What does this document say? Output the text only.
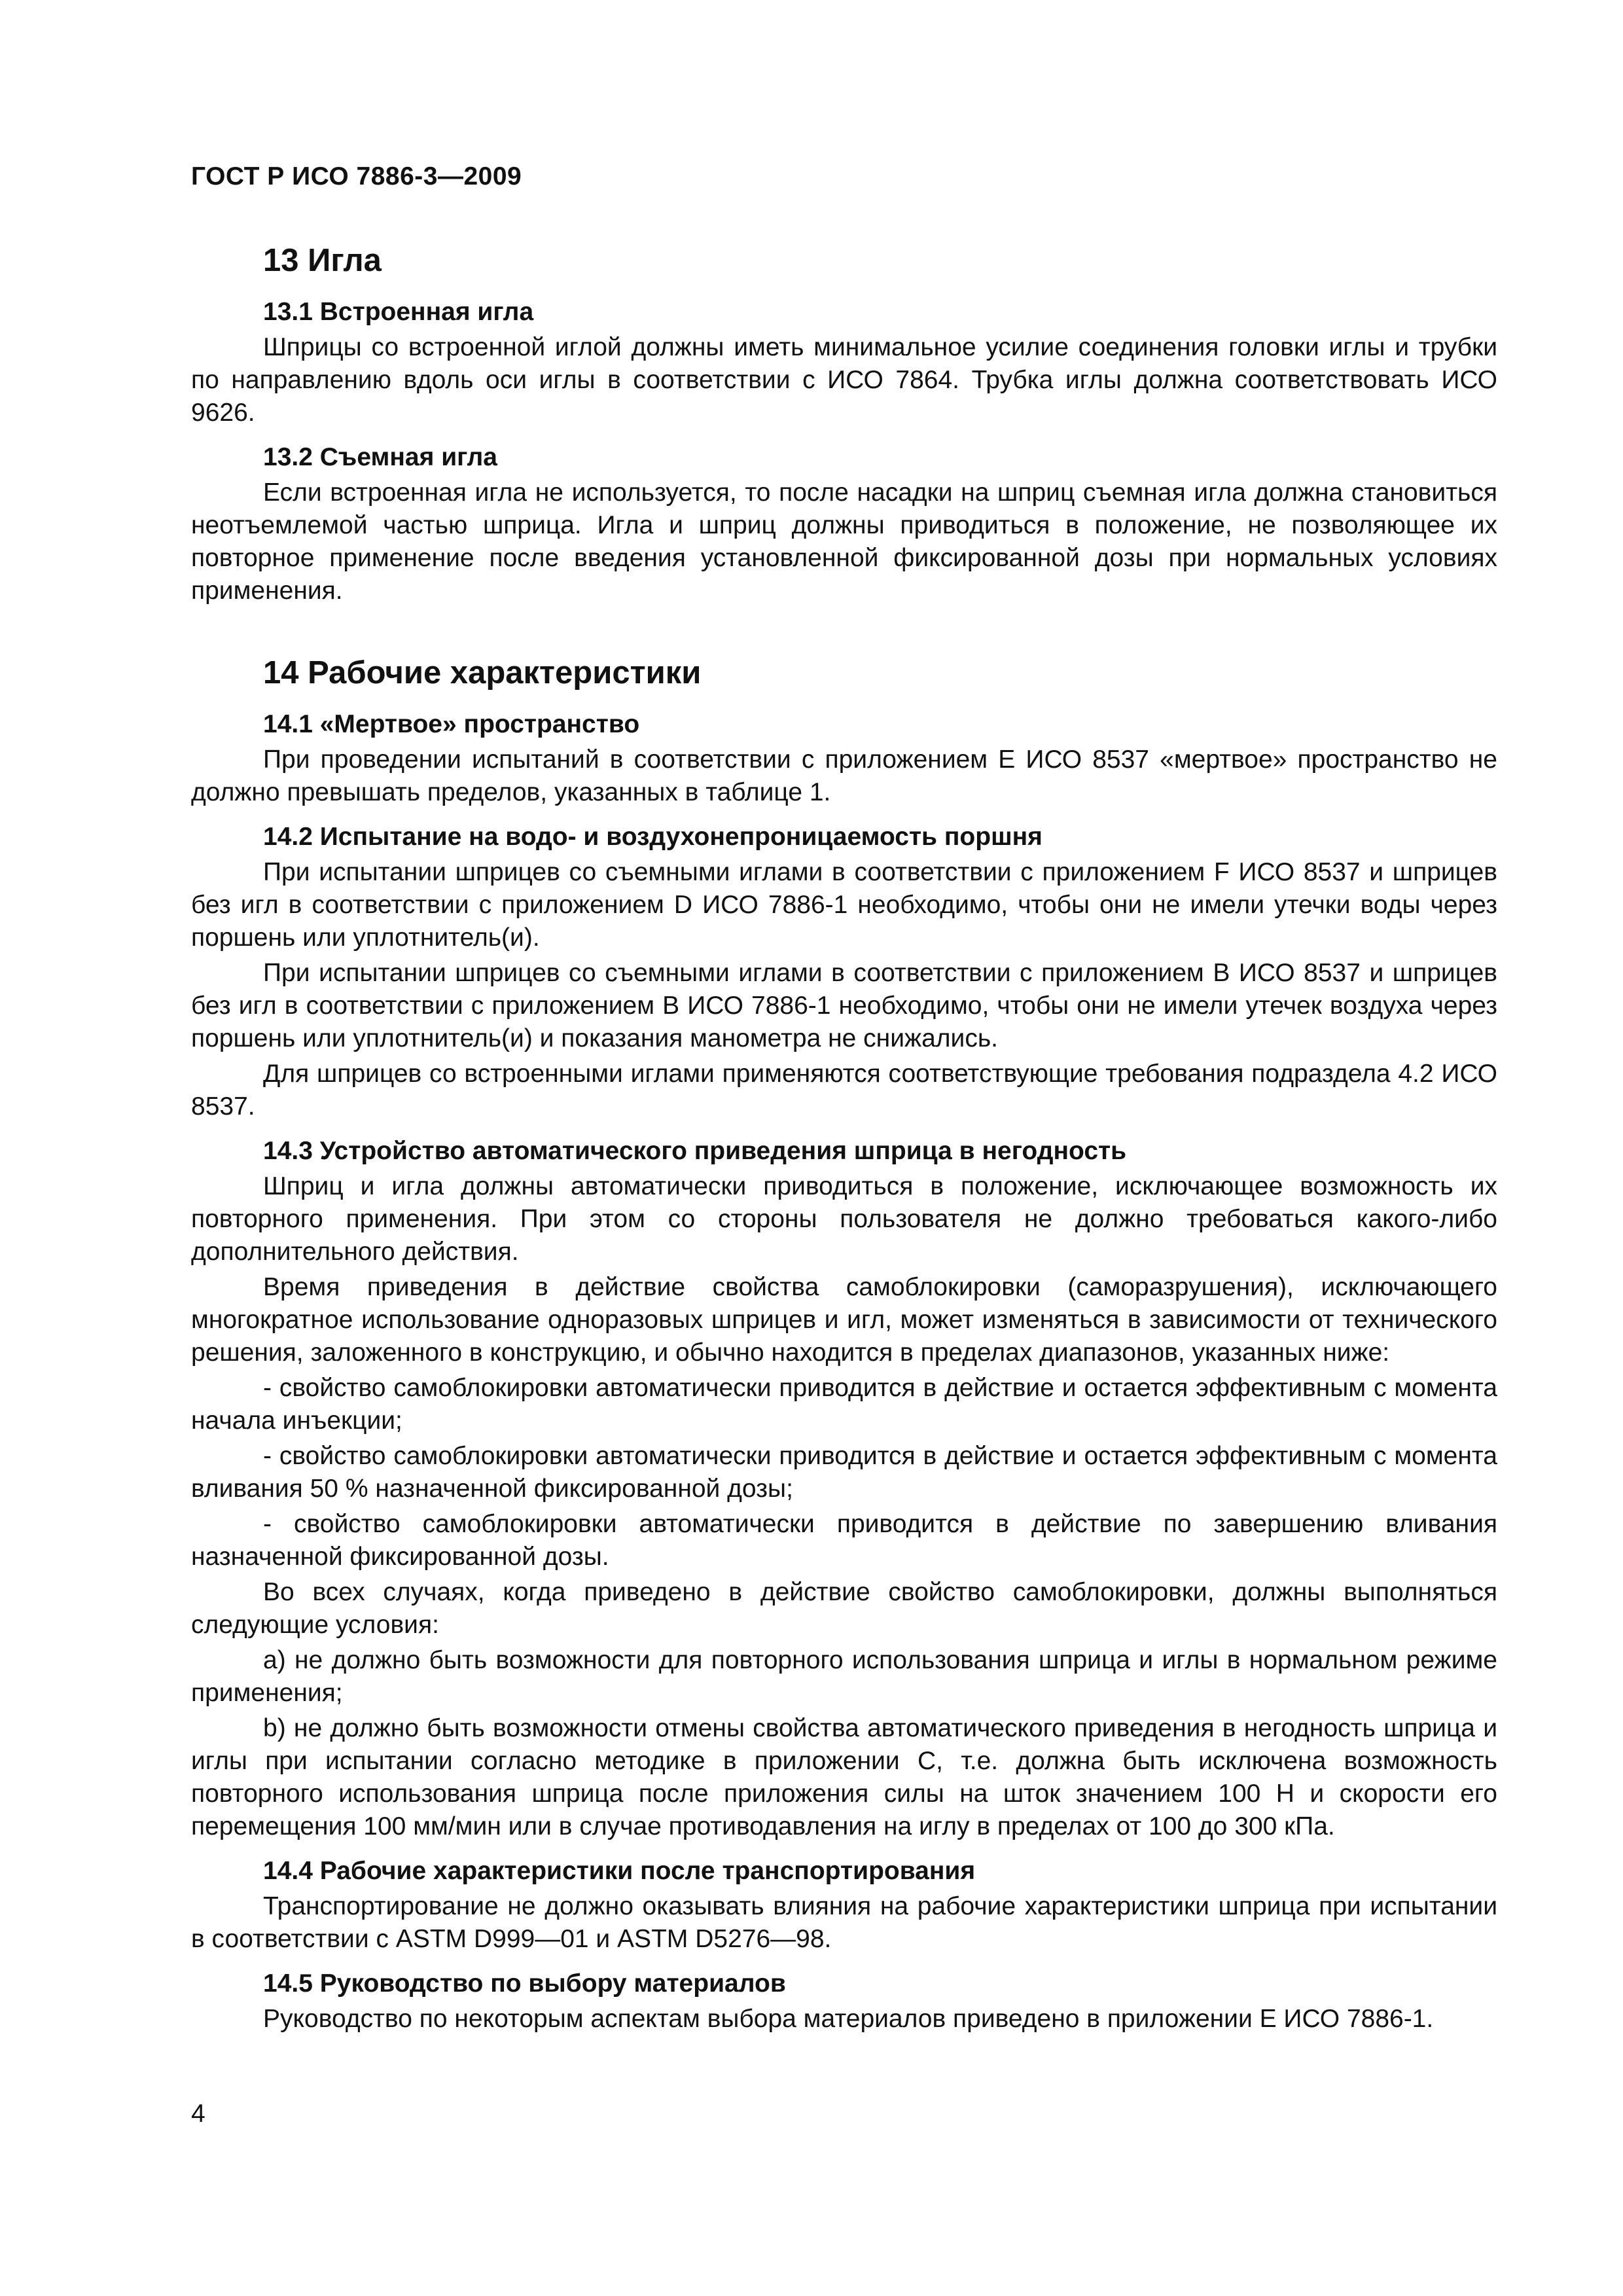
ГОСТ Р ИСО 7886-3—2009
13 Игла
13.1 Встроенная игла
Шприцы со встроенной иглой должны иметь минимальное усилие соединения головки иглы и трубки по направлению вдоль оси иглы в соответствии с ИСО 7864. Трубка иглы должна соответствовать ИСО 9626.
13.2 Съемная игла
Если встроенная игла не используется, то после насадки на шприц съемная игла должна становиться неотъемлемой частью шприца. Игла и шприц должны приводиться в положение, не позволяющее их повторное применение после введения установленной фиксированной дозы при нормальных условиях применения.
14 Рабочие характеристики
14.1 «Мертвое» пространство
При проведении испытаний в соответствии с приложением Е ИСО 8537 «мертвое» пространство не должно превышать пределов, указанных в таблице 1.
14.2 Испытание на водо- и воздухонепроницаемость поршня
При испытании шприцев со съемными иглами в соответствии с приложением F ИСО 8537 и шприцев без игл в соответствии с приложением D ИСО 7886-1 необходимо, чтобы они не имели утечки воды через поршень или уплотнитель(и).
При испытании шприцев со съемными иглами в соответствии с приложением В ИСО 8537 и шприцев без игл в соответствии с приложением В ИСО 7886-1 необходимо, чтобы они не имели утечек воздуха через поршень или уплотнитель(и) и показания манометра не снижались.
Для шприцев со встроенными иглами применяются соответствующие требования подраздела 4.2 ИСО 8537.
14.3 Устройство автоматического приведения шприца в негодность
Шприц и игла должны автоматически приводиться в положение, исключающее возможность их повторного применения. При этом со стороны пользователя не должно требоваться какого-либо дополнительного действия.
Время приведения в действие свойства самоблокировки (саморазрушения), исключающего многократное использование одноразовых шприцев и игл, может изменяться в зависимости от технического решения, заложенного в конструкцию, и обычно находится в пределах диапазонов, указанных ниже:
- свойство самоблокировки автоматически приводится в действие и остается эффективным с момента начала инъекции;
- свойство самоблокировки автоматически приводится в действие и остается эффективным с момента вливания 50 % назначенной фиксированной дозы;
- свойство самоблокировки автоматически приводится в действие по завершению вливания назначенной фиксированной дозы.
Во всех случаях, когда приведено в действие свойство самоблокировки, должны выполняться следующие условия:
а) не должно быть возможности для повторного использования шприца и иглы в нормальном режиме применения;
b) не должно быть возможности отмены свойства автоматического приведения в негодность шприца и иглы при испытании согласно методике в приложении С, т.е. должна быть исключена возможность повторного использования шприца после приложения силы на шток значением 100 Н и скорости его перемещения 100 мм/мин или в случае противодавления на иглу в пределах от 100 до 300 кПа.
14.4 Рабочие характеристики после транспортирования
Транспортирование не должно оказывать влияния на рабочие характеристики шприца при испытании в соответствии с ASTM D999—01 и ASTM D5276—98.
14.5 Руководство по выбору материалов
Руководство по некоторым аспектам выбора материалов приведено в приложении Е ИСО 7886-1.
4
